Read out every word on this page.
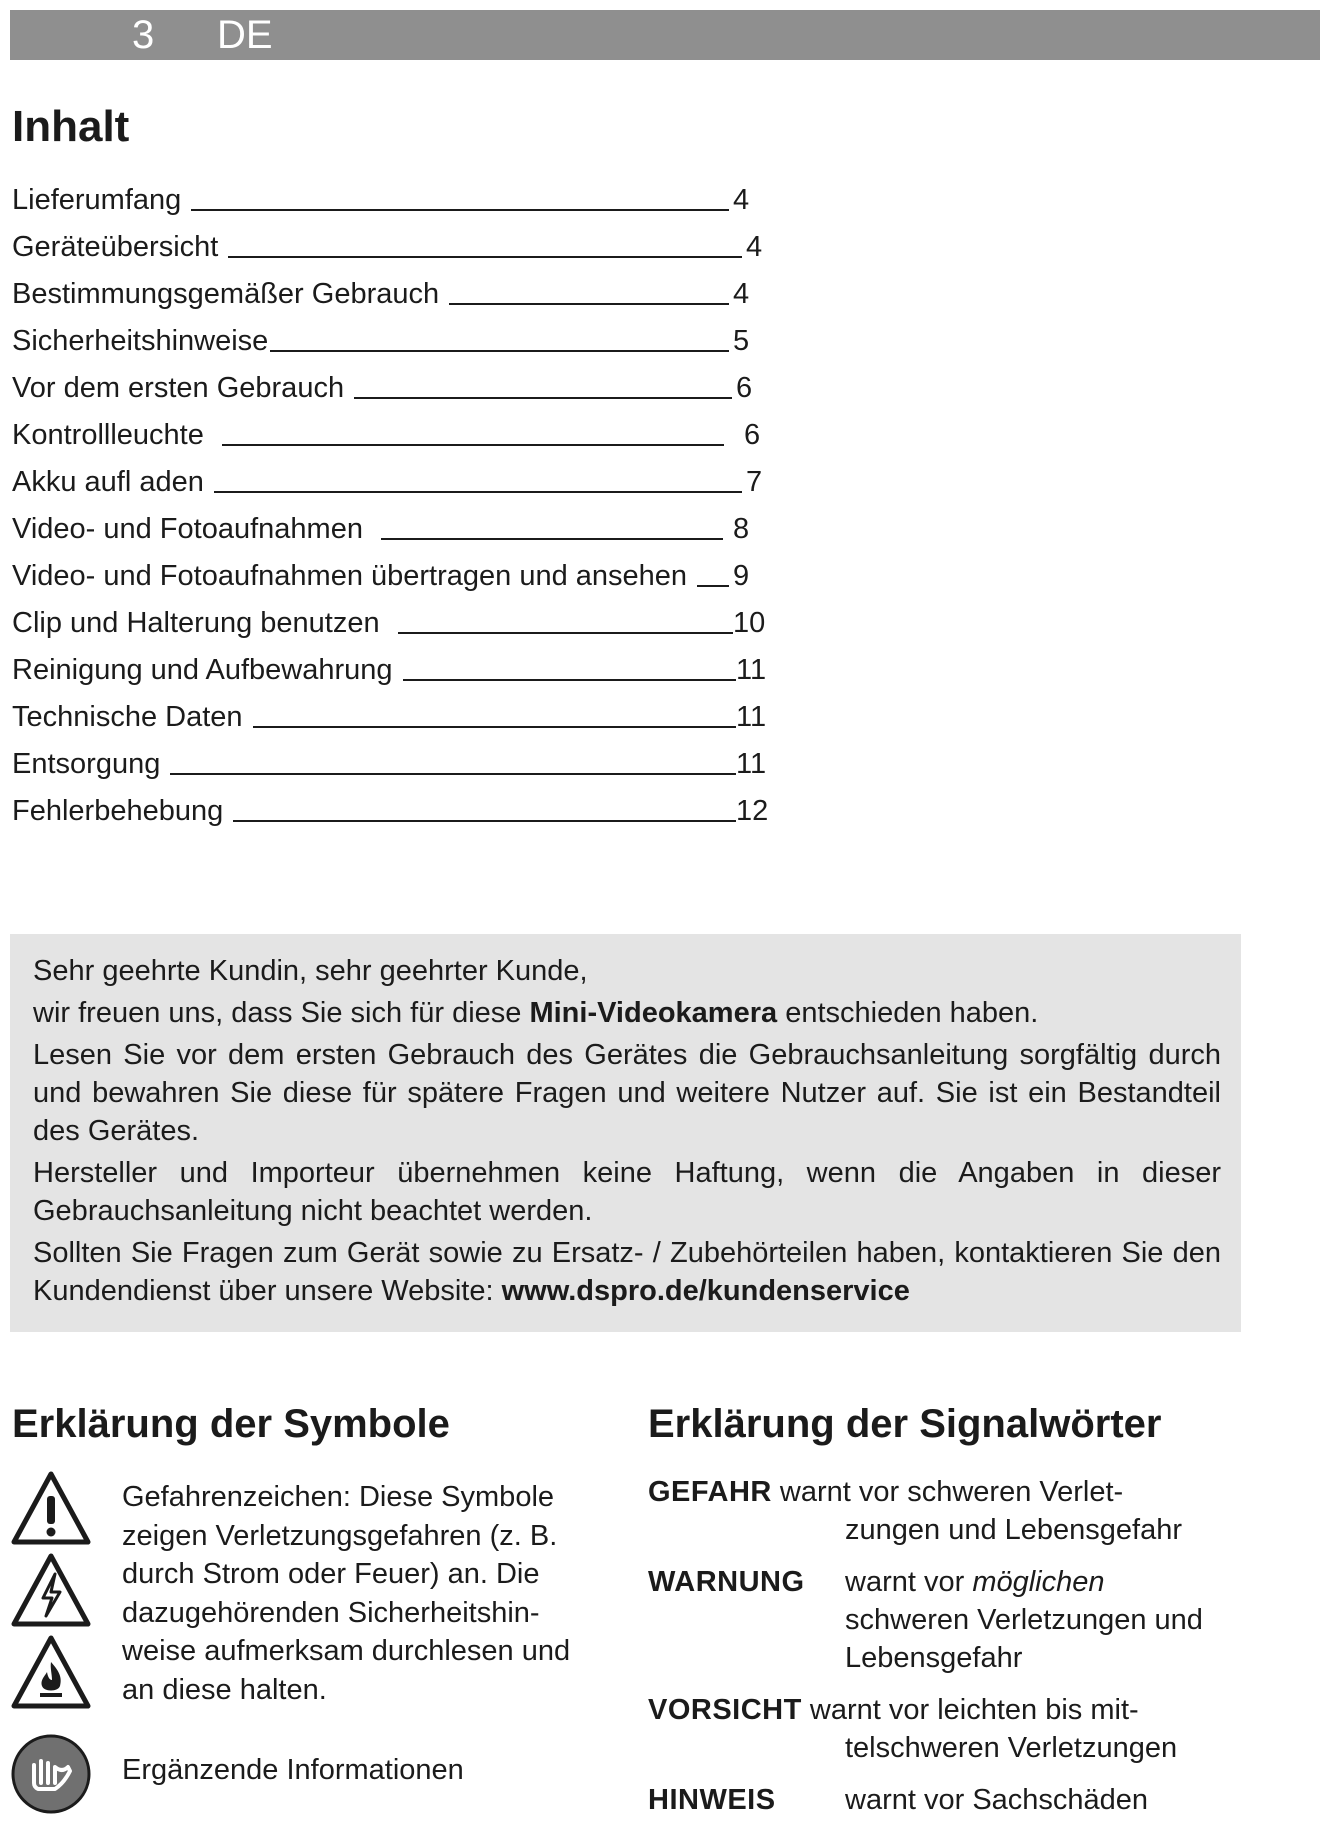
3 DE
Inhalt
Lieferumfang	4
Geräteübersicht	4
Bestimmungsgemäßer Gebrauch	4
Sicherheitshinweise	5
Vor dem ersten Gebrauch	6
Kontrollleuchte	6
Akku aufl aden	7
Video- und Fotoaufnahmen	8
Video- und Fotoaufnahmen übertragen und ansehen 9
Clip und Halterung benutzen	10
Reinigung und Aufbewahrung	11
Technische Daten	11
Entsorgung	11
Fehlerbehebung	12

Sehr geehrte Kundin, sehr geehrter Kunde,

wir freuen uns, dass Sie sich für diese Mini-Videokamera entschieden haben.

Lesen Sie vor dem ersten Gebrauch des Gerätes die Gebrauchsanleitung sorgfältig durch und bewahren Sie diese für spätere Fragen und weitere Nutzer auf. Sie ist ein Bestandteil des Gerätes.

Hersteller und Importeur übernehmen keine Haftung, wenn die Angaben in dieser Gebrauchsanleitung nicht beachtet werden.

Sollten Sie Fragen zum Gerät sowie zu Ersatz- / Zubehörteilen haben, kontaktieren Sie den Kundendienst über unsere Website: www.dspro.de/kundenservice

Erklärung der Symbole
Gefahrenzeichen: Diese Symbole zeigen Verletzungsgefahren (z. B. durch Strom oder Feuer) an. Die dazugehörenden Sicherheitshin-weise aufmerksam durchlesen und an diese halten.
Ergänzende Informationen
Erklärung der Signalwörter
GEFAHR warnt vor schweren Verlet-
zungen und Lebensgefahr
WARNUNG warnt vor möglichen
schweren Verletzungen und
Lebensgefahr
VORSICHT warnt vor leichten bis mit-
telschweren Verletzungen
HINWEIS warnt vor Sachschäden
